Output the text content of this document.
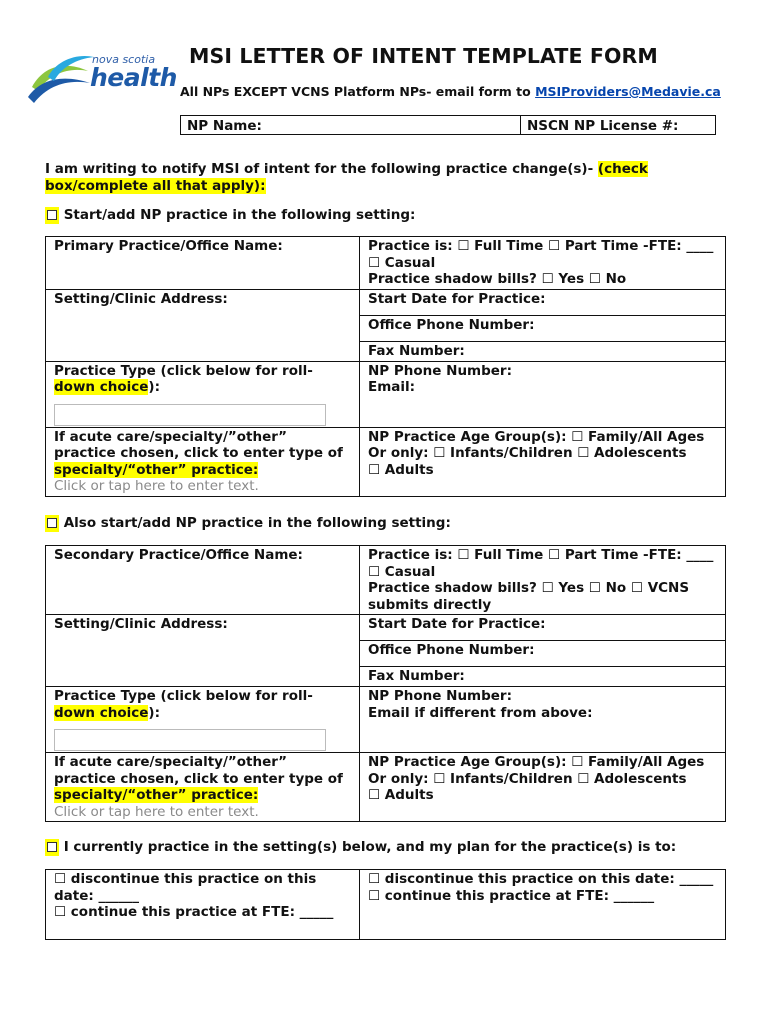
nova scotia
health
MSI LETTER OF INTENT TEMPLATE FORM
All NPs EXCEPT VCNS Platform NPs- email form to MSIProviders@Medavie.ca
NP Name:	NSCN NP License #:
I am writing to notify MSI of intent for the following practice change(s)- (check box/complete all that apply):
Start/add NP practice in the following setting:
Primary Practice/Office Name:	Practice is: ☐ Full Time ☐ Part Time -FTE: ____ ☐ Casual
Practice shadow bills? ☐ Yes ☐ No

Setting/Clinic Address:	Start Date for Practice:
	Office Phone Number:
	Fax Number:

Practice Type (click below for roll-
down choice):	NP Phone Number:
Email:

If acute care/specialty/”other” practice chosen, click to enter type of specialty/“other” practice:
Click or tap here to enter text.	NP Practice Age Group(s): ☐ Family/All Ages
Or only: ☐ Infants/Children ☐ Adolescents
☐ Adults
Also start/add NP practice in the following setting:
Secondary Practice/Office Name:	Practice is: ☐ Full Time ☐ Part Time -FTE: ____ ☐ Casual
Practice shadow bills? ☐ Yes ☐ No ☐ VCNS submits directly

Setting/Clinic Address:	Start Date for Practice:
	Office Phone Number:
	Fax Number:

Practice Type (click below for roll-
down choice):	NP Phone Number:
Email if different from above:

If acute care/specialty/”other” practice chosen, click to enter type of specialty/“other” practice:
Click or tap here to enter text.	NP Practice Age Group(s): ☐ Family/All Ages
Or only: ☐ Infants/Children ☐ Adolescents
☐ Adults
I currently practice in the setting(s) below, and my plan for the practice(s) is to:
☐ discontinue this practice on this date: ______
☐ continue this practice at FTE: _____

☐ discontinue this practice on this date: _____
☐ continue this practice at FTE: ______
